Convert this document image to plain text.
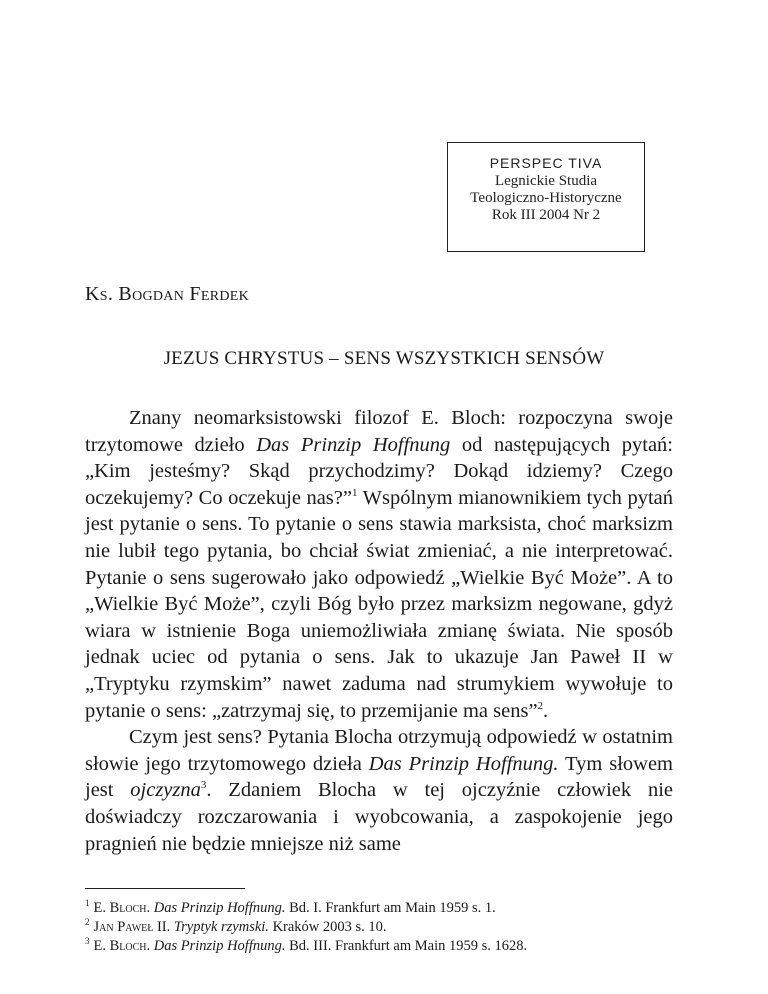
PERSPEC TIVA
Legnickie Studia
Teologiczno-Historyczne
Rok III 2004 Nr 2
Ks. Bogdan Ferdek
JEZUS CHRYSTUS – SENS WSZYSTKICH SENSÓW

Znany neomarksistowski filozof E. Bloch: rozpoczyna swoje trzytomowe dzieło Das Prinzip Hoffnung od następujących pytań: „Kim jesteśmy? Skąd przychodzimy? Dokąd idziemy? Czego oczekujemy? Co oczekuje nas?”$^1$ Wspólnym mianownikiem tych pytań jest pytanie o sens. To pytanie o sens stawia marksista, choć marksizm nie lubił tego pytania, bo chciał świat zmieniać, a nie interpretować. Pytanie o sens sugerowało jako odpowiedź „Wielkie Być Może”. A to „Wielkie Być Może”, czyli Bóg było przez marksizm negowane, gdyż wiara w istnienie Boga uniemożliwiała zmianę świata. Nie sposób jednak uciec od pytania o sens. Jak to ukazuje Jan Paweł II w „Tryptyku rzymskim” nawet zaduma nad strumykiem wywołuje to pytanie o sens: „zatrzymaj się, to przemijanie ma sens”$^2$.

Czym jest sens? Pytania Blocha otrzymują odpowiedź w ostatnim słowie jego trzytomowego dzieła Das Prinzip Hoffnung. Tym słowem jest ojczyzna$^3$. Zdaniem Blocha w tej ojczyźnie człowiek nie doświadczy rozczarowania i wyobcowania, a zaspokojenie jego pragnień nie będzie mniejsze niż same

$^1$ E. Bloch. Das Prinzip Hoffnung. Bd. I. Frankfurt am Main 1959 s. 1.
$^2$ Jan Paweł II. Tryptyk rzymski. Kraków 2003 s. 10.
$^3$ E. Bloch. Das Prinzip Hoffnung. Bd. III. Frankfurt am Main 1959 s. 1628.
